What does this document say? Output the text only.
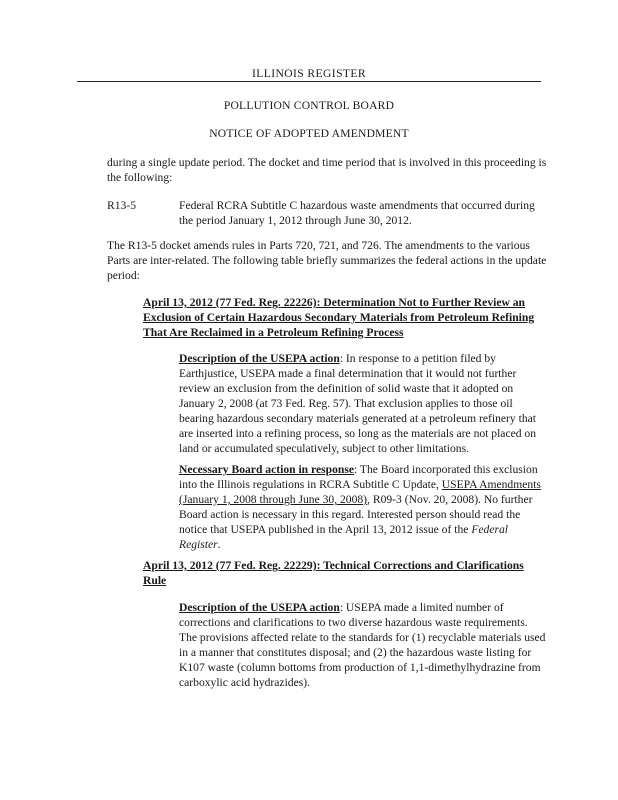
ILLINOIS REGISTER
POLLUTION CONTROL BOARD
NOTICE OF ADOPTED AMENDMENT

during a single update period. The docket and time period that is involved in this proceeding is the following:

R13-5	Federal RCRA Subtitle C hazardous waste amendments that occurred during the period January 1, 2012 through June 30, 2012.

The R13-5 docket amends rules in Parts 720, 721, and 726. The amendments to the various Parts are inter-related. The following table briefly summarizes the federal actions in the update period:

April 13, 2012 (77 Fed. Reg. 22226): Determination Not to Further Review an Exclusion of Certain Hazardous Secondary Materials from Petroleum Refining That Are Reclaimed in a Petroleum Refining Process

Description of the USEPA action: In response to a petition filed by Earthjustice, USEPA made a final determination that it would not further review an exclusion from the definition of solid waste that it adopted on January 2, 2008 (at 73 Fed. Reg. 57). That exclusion applies to those oil bearing hazardous secondary materials generated at a petroleum refinery that are inserted into a refining process, so long as the materials are not placed on land or accumulated speculatively, subject to other limitations.

Necessary Board action in response: The Board incorporated this exclusion into the Illinois regulations in RCRA Subtitle C Update, USEPA Amendments (January 1, 2008 through June 30, 2008), R09-3 (Nov. 20, 2008). No further Board action is necessary in this regard. Interested person should read the notice that USEPA published in the April 13, 2012 issue of the Federal Register.

April 13, 2012 (77 Fed. Reg. 22229): Technical Corrections and Clarifications Rule

Description of the USEPA action: USEPA made a limited number of corrections and clarifications to two diverse hazardous waste requirements. The provisions affected relate to the standards for (1) recyclable materials used in a manner that constitutes disposal; and (2) the hazardous waste listing for K107 waste (column bottoms from production of 1,1-dimethylhydrazine from carboxylic acid hydrazides).
